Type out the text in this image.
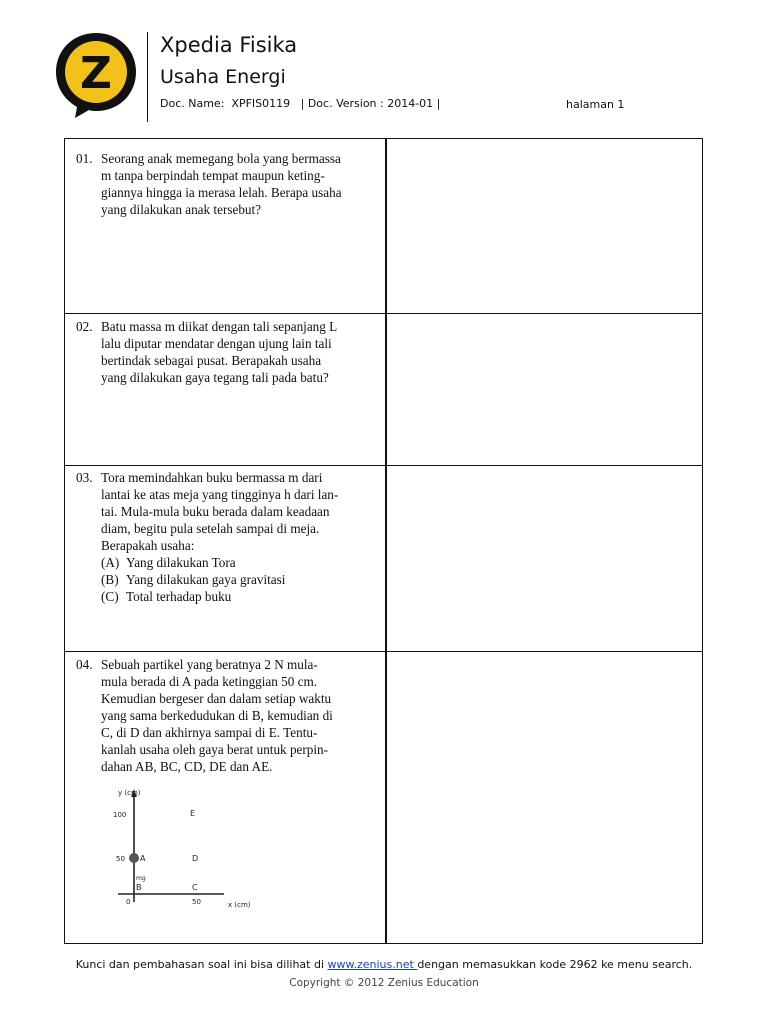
Z
Xpedia Fisika
Usaha Energi
Doc. Name: XPFIS0119 | Doc. Version : 2014-01 |	halaman 1
01. Seorang anak memegang bola yang bermassa
m tanpa berpindah tempat maupun keting-
giannya hingga ia merasa lelah. Berapa usaha
yang dilakukan anak tersebut?
02. Batu massa m diikat dengan tali sepanjang L
lalu diputar mendatar dengan ujung lain tali
bertindak sebagai pusat. Berapakah usaha
yang dilakukan gaya tegang tali pada batu?
03. Tora memindahkan buku bermassa m dari
lantai ke atas meja yang tingginya h dari lan-
tai. Mula-mula buku berada dalam keadaan
diam, begitu pula setelah sampai di meja.
Berapakah usaha:
(A) Yang dilakukan Tora
(B) Yang dilakukan gaya gravitasi
(C) Total terhadap buku
04. Sebuah partikel yang beratnya 2 N mula-
mula berada di A pada ketinggian 50 cm.
Kemudian bergeser dan dalam setiap waktu
yang sama berkedudukan di B, kemudian di
C, di D dan akhirnya sampai di E. Tentu-
kanlah usaha oleh gaya berat untuk perpin-
dahan AB, BC, CD, DE dan AE.
y (cm)
x (cm)
100
50
0	50
A
mg
B	C
D
E
Kunci dan pembahasan soal ini bisa dilihat di www.zenius.net dengan memasukkan kode 2962 ke menu search.
Copyright © 2012 Zenius Education
